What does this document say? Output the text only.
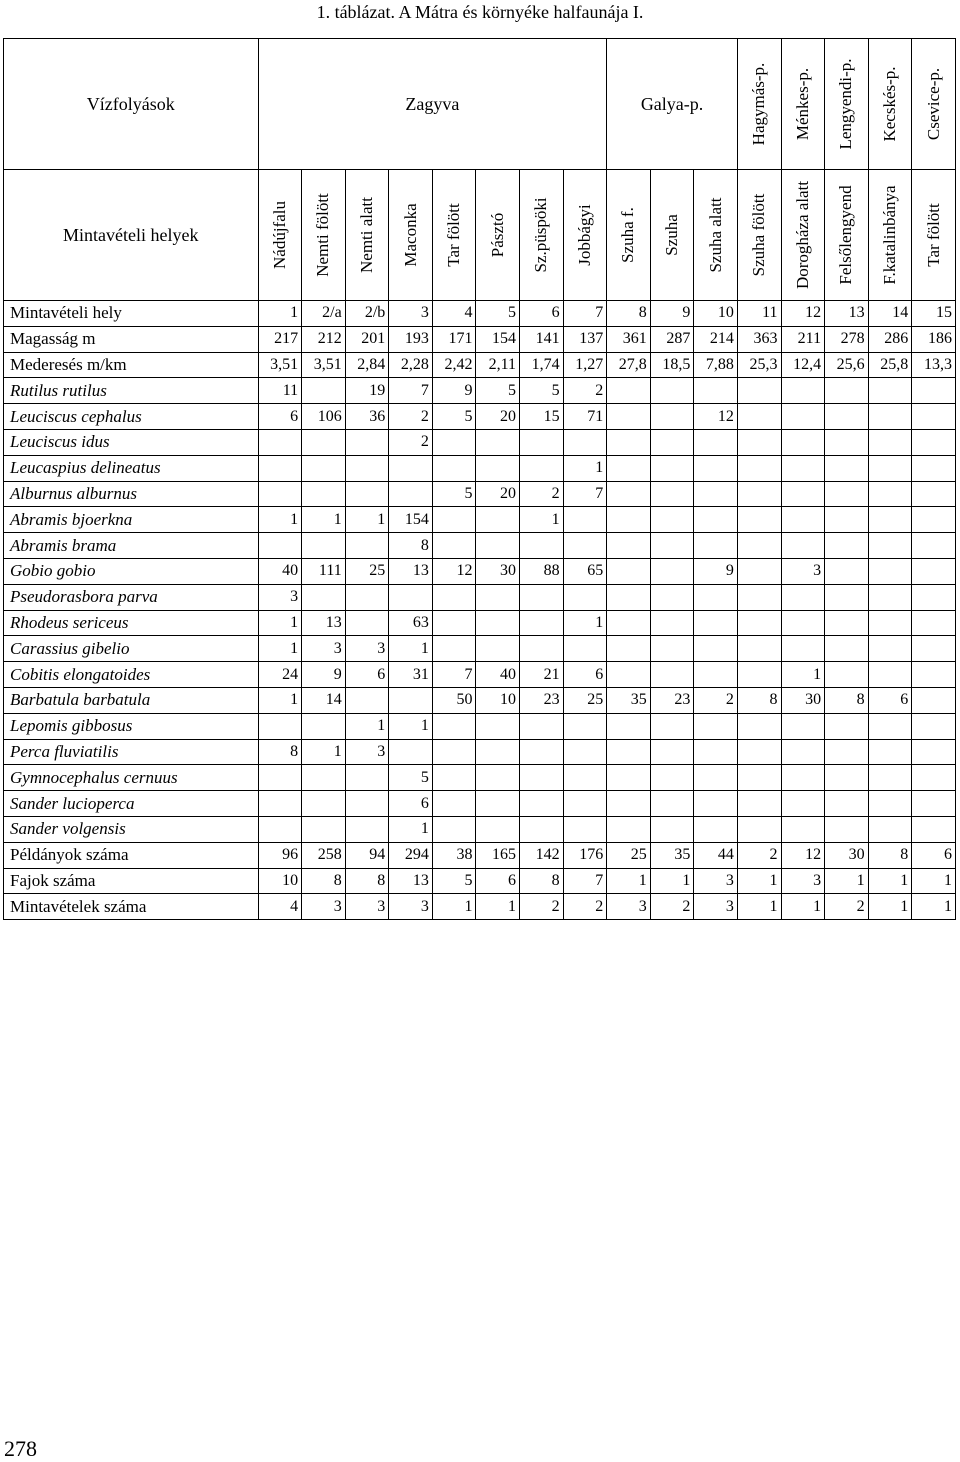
1. táblázat. A Mátra és környéke halfaunája I.
Vízfolyások	Zagyva								Galya-p.			Hagymás-p.	Ménkes-p.	Lengyendi-p.	Kecskés-p.	Csevice-p.

Mintavételi helyek	Nádújfalu	Nemti fölött	Nemti alatt	Maconka	Tar fölött	Pásztó	Sz.püspöki	Jobbágyi	Szuha f.	Szuha	Szuha alatt	Szuha fölött	Dorogháza alatt	Felsőlengyend	F.katalinbánya	Tar fölött

Mintavételi hely	1	2/a	2/b	3	4	5	6	7	8	9	10	11	12	13	14	15
Magasság m	217	212	201	193	171	154	141	137	361	287	214	363	211	278	286	186
Mederesés m/km	3,51	3,51	2,84	2,28	2,42	2,11	1,74	1,27	27,8	18,5	7,88	25,3	12,4	25,6	25,8	13,3
Rutilus rutilus	11		19	7	9	5	5	2								
Leuciscus cephalus	6	106	36	2	5	20	15	71			12					
Leuciscus idus				2												
Leucaspius delineatus								1								
Alburnus alburnus					5	20	2	7								
Abramis bjoerkna	1	1	1	154			1									
Abramis brama				8												
Gobio gobio	40	111	25	13	12	30	88	65			9		3			
Pseudorasbora parva	3															
Rhodeus sericeus	1	13		63				1								
Carassius gibelio	1	3	3	1												
Cobitis elongatoides	24	9	6	31	7	40	21	6					1			
Barbatula barbatula	1	14			50	10	23	25	35	23	2	8	30	8	6	
Lepomis gibbosus			1	1												
Perca fluviatilis	8	1	3													
Gymnocephalus cernuus				5												
Sander lucioperca				6												
Sander volgensis				1												
Példányok száma	96	258	94	294	38	165	142	176	25	35	44	2	12	30	8	6
Fajok száma	10	8	8	13	5	6	8	7	1	1	3	1	3	1	1	1
Mintavételek száma	4	3	3	3	1	1	2	2	3	2	3	1	1	2	1	1
278
